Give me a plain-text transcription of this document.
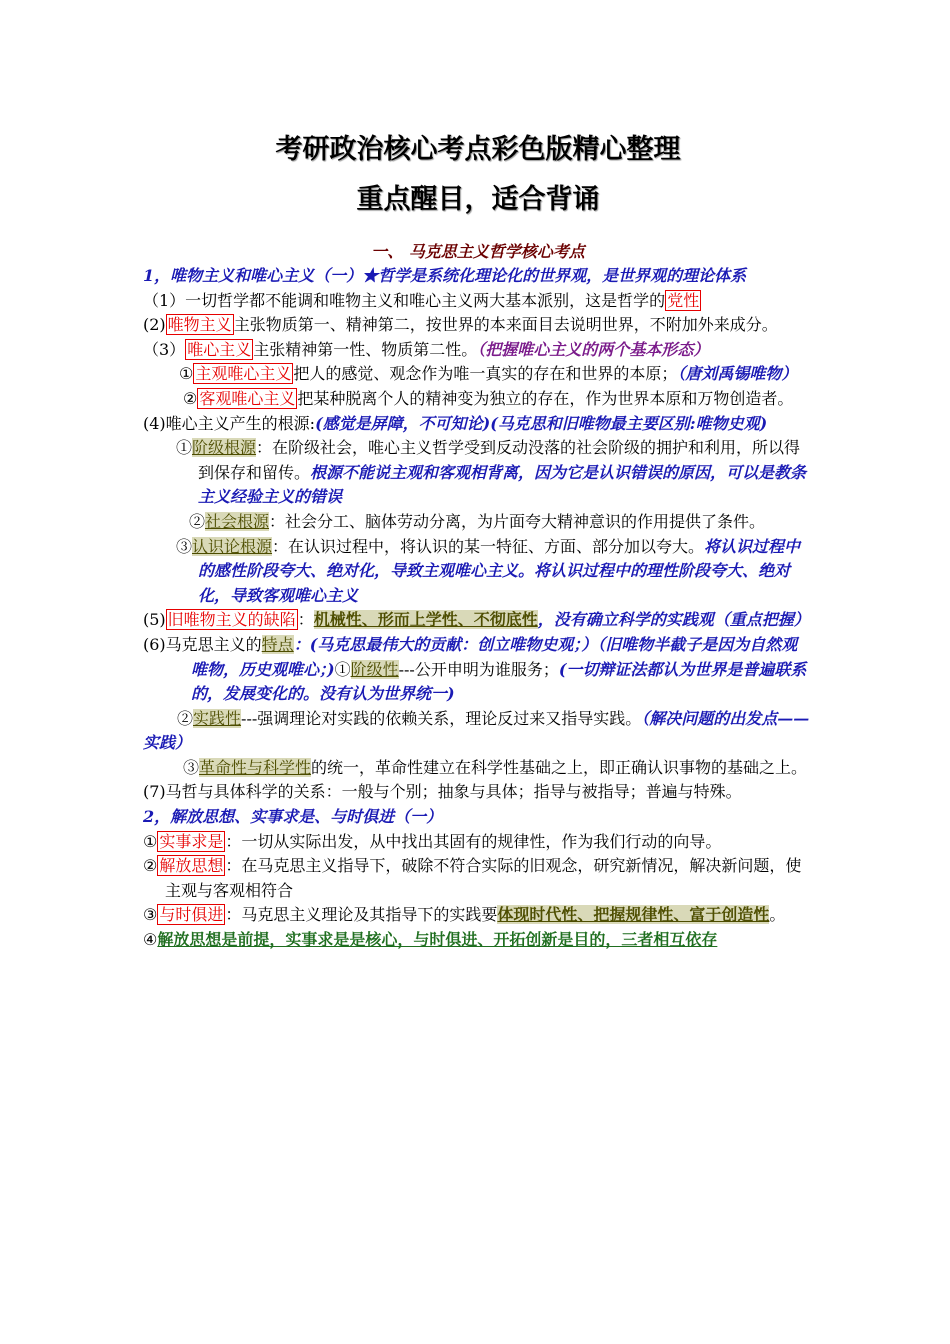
考研政治核心考点彩色版精心整理
重点醒目，适合背诵
一、 马克思主义哲学核心考点

1，唯物主义和唯心主义（一）★哲学是系统化理论化的世界观，是世界观的理论体系

（1）一切哲学都不能调和唯物主义和唯心主义两大基本派别，这是哲学的 党性

(2) 唯物主义 主张物质第一、精神第二，按世界的本来面目去说明世界，不附加外来成分。

（3） 唯心主义 主张精神第一性、物质第二性。（把握唯心主义的两个基本形态）

① 主观唯心主义 把人的感觉、观念作为唯一真实的存在和世界的本原；（唐刘禹锡唯物）

② 客观唯心主义 把某种脱离个人的精神变为独立的存在，作为世界本原和万物创造者。

(4)唯心主义产生的根源:(感觉是屏障，不可知论)(马克思和旧唯物最主要区别:唯物史观)

①阶级根源：在阶级社会，唯心主义哲学受到反动没落的社会阶级的拥护和利用，所以得到保存和留传。根源不能说主观和客观相背离，因为它是认识错误的原因，可以是教条主义经验主义的错误

②社会根源：社会分工、脑体劳动分离，为片面夸大精神意识的作用提供了条件。

③认识论根源：在认识过程中，将认识的某一特征、方面、部分加以夸大。将认识过程中的感性阶段夸大、绝对化，导致主观唯心主义。将认识过程中的理性阶段夸大、绝对化，导致客观唯心主义

(5) 旧唯物主义的缺陷 ：机械性、形而上学性、不彻底性，没有确立科学的实践观（重点把握）

(6)马克思主义的特点：(马克思最伟大的贡献：创立唯物史观；）（旧唯物半截子是因为自然观唯物，历史观唯心；)①阶级性---公开申明为谁服务；(一切辩证法都认为世界是普遍联系的，发展变化的。没有认为世界统一)

②实践性---强调理论对实践的依赖关系，理论反过来又指导实践。（解决问题的出发点——实践）

③革命性与科学性的统一，革命性建立在科学性基础之上，即正确认识事物的基础之上。

(7)马哲与具体科学的关系：一般与个别；抽象与具体；指导与被指导；普遍与特殊。

2，解放思想、实事求是、与时俱进（一）

① 实事求是 ：一切从实际出发，从中找出其固有的规律性，作为我们行动的向导。

② 解放思想 ：在马克思主义指导下，破除不符合实际的旧观念，研究新情况，解决新问题，使主观与客观相符合

③ 与时俱进 ：马克思主义理论及其指导下的实践要体现时代性、把握规律性、富于创造性。

④解放思想是前提，实事求是是核心，与时俱进、开拓创新是目的，三者相互依存
